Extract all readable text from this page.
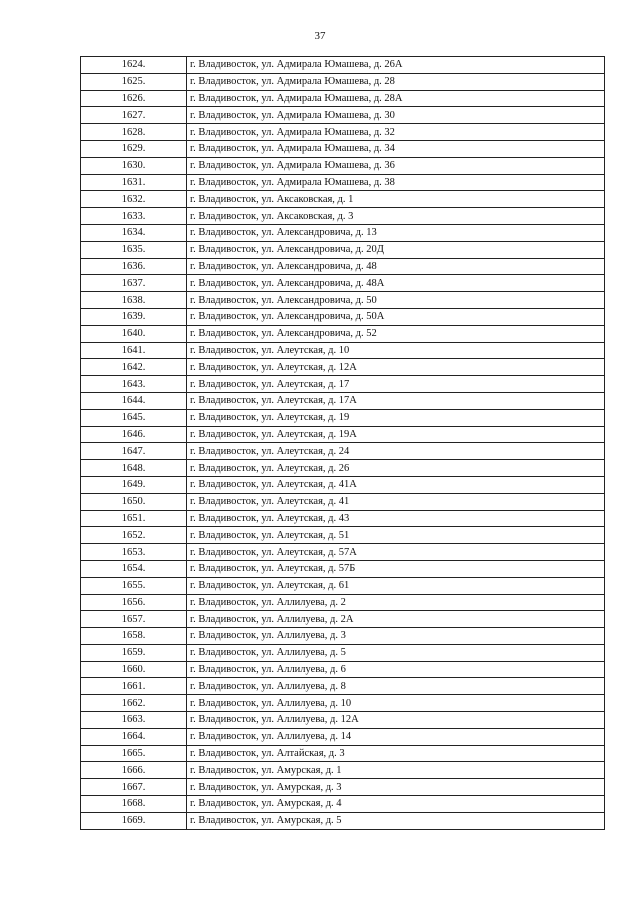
37
1624.	г. Владивосток, ул. Адмирала Юмашева, д. 26А
1625.	г. Владивосток, ул. Адмирала Юмашева, д. 28
1626.	г. Владивосток, ул. Адмирала Юмашева, д. 28А
1627.	г. Владивосток, ул. Адмирала Юмашева, д. 30
1628.	г. Владивосток, ул. Адмирала Юмашева, д. 32
1629.	г. Владивосток, ул. Адмирала Юмашева, д. 34
1630.	г. Владивосток, ул. Адмирала Юмашева, д. 36
1631.	г. Владивосток, ул. Адмирала Юмашева, д. 38
1632.	г. Владивосток, ул. Аксаковская, д. 1
1633.	г. Владивосток, ул. Аксаковская, д. 3
1634.	г. Владивосток, ул. Александровича, д. 13
1635.	г. Владивосток, ул. Александровича, д. 20Д
1636.	г. Владивосток, ул. Александровича, д. 48
1637.	г. Владивосток, ул. Александровича, д. 48А
1638.	г. Владивосток, ул. Александровича, д. 50
1639.	г. Владивосток, ул. Александровича, д. 50А
1640.	г. Владивосток, ул. Александровича, д. 52
1641.	г. Владивосток, ул. Алеутская, д. 10
1642.	г. Владивосток, ул. Алеутская, д. 12А
1643.	г. Владивосток, ул. Алеутская, д. 17
1644.	г. Владивосток, ул. Алеутская, д. 17А
1645.	г. Владивосток, ул. Алеутская, д. 19
1646.	г. Владивосток, ул. Алеутская, д. 19А
1647.	г. Владивосток, ул. Алеутская, д. 24
1648.	г. Владивосток, ул. Алеутская, д. 26
1649.	г. Владивосток, ул. Алеутская, д. 41А
1650.	г. Владивосток, ул. Алеутская, д. 41
1651.	г. Владивосток, ул. Алеутская, д. 43
1652.	г. Владивосток, ул. Алеутская, д. 51
1653.	г. Владивосток, ул. Алеутская, д. 57А
1654.	г. Владивосток, ул. Алеутская, д. 57Б
1655.	г. Владивосток, ул. Алеутская, д. 61
1656.	г. Владивосток, ул. Аллилуева, д. 2
1657.	г. Владивосток, ул. Аллилуева, д. 2А
1658.	г. Владивосток, ул. Аллилуева, д. 3
1659.	г. Владивосток, ул. Аллилуева, д. 5
1660.	г. Владивосток, ул. Аллилуева, д. 6
1661.	г. Владивосток, ул. Аллилуева, д. 8
1662.	г. Владивосток, ул. Аллилуева, д. 10
1663.	г. Владивосток, ул. Аллилуева, д. 12А
1664.	г. Владивосток, ул. Аллилуева, д. 14
1665.	г. Владивосток, ул. Алтайская, д. 3
1666.	г. Владивосток, ул. Амурская, д. 1
1667.	г. Владивосток, ул. Амурская, д. 3
1668.	г. Владивосток, ул. Амурская, д. 4
1669.	г. Владивосток, ул. Амурская, д. 5
